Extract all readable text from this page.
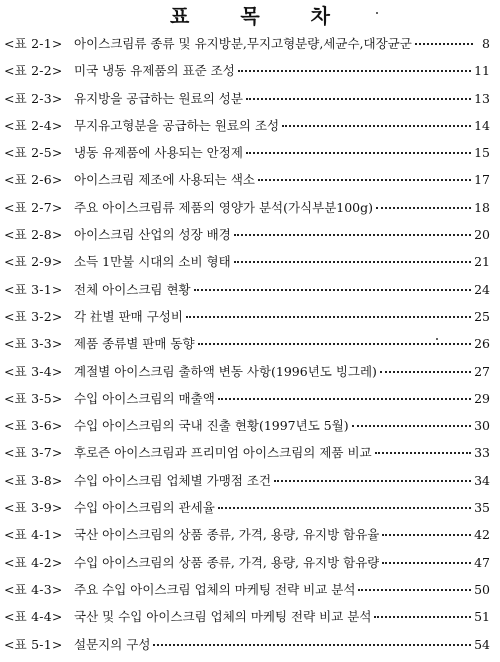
표 목 차
<표 2-1> 아이스크림류 종류 및 유지방분,무지고형분량,세균수,대장균군	8
<표 2-2> 미국 냉동 유제품의 표준 조성	11
<표 2-3> 유지방을 공급하는 원료의 성분	13
<표 2-4> 무지유고형분을 공급하는 원료의 조성	14
<표 2-5> 냉동 유제품에 사용되는 안정제	15
<표 2-6> 아이스크림 제조에 사용되는 색소	17
<표 2-7> 주요 아이스크림류 제품의 영양가 분석(가식부분100g)	18
<표 2-8> 아이스크림 산업의 성장 배경	20
<표 2-9> 소득 1만불 시대의 소비 형태	21
<표 3-1> 전체 아이스크림 현황	24
<표 3-2> 각 社별 판매 구성비	25
<표 3-3> 제품 종류별 판매 동향	26
<표 3-4> 계절별 아이스크림 출하액 변동 사항(1996년도 빙그레)	27
<표 3-5> 수입 아이스크림의 매출액	29
<표 3-6> 수입 아이스크림의 국내 진출 현황(1997년도 5월)	30
<표 3-7> 후로즌 아이스크림과 프리미엄 아이스크림의 제품 비교	33
<표 3-8> 수입 아이스크림 업체별 가맹점 조건	34
<표 3-9> 수입 아이스크림의 관세율	35
<표 4-1> 국산 아이스크림의 상품 종류, 가격, 용량, 유지방 함유율	42
<표 4-2> 수입 아이스크림의 상품 종류, 가격, 용량, 유지방 함유량	47
<표 4-3> 주요 수입 아이스크림 업체의 마케팅 전략 비교 분석	50
<표 4-4> 국산 및 수입 아이스크림 업체의 마케팅 전략 비교 분석	51
<표 5-1> 설문지의 구성	54
